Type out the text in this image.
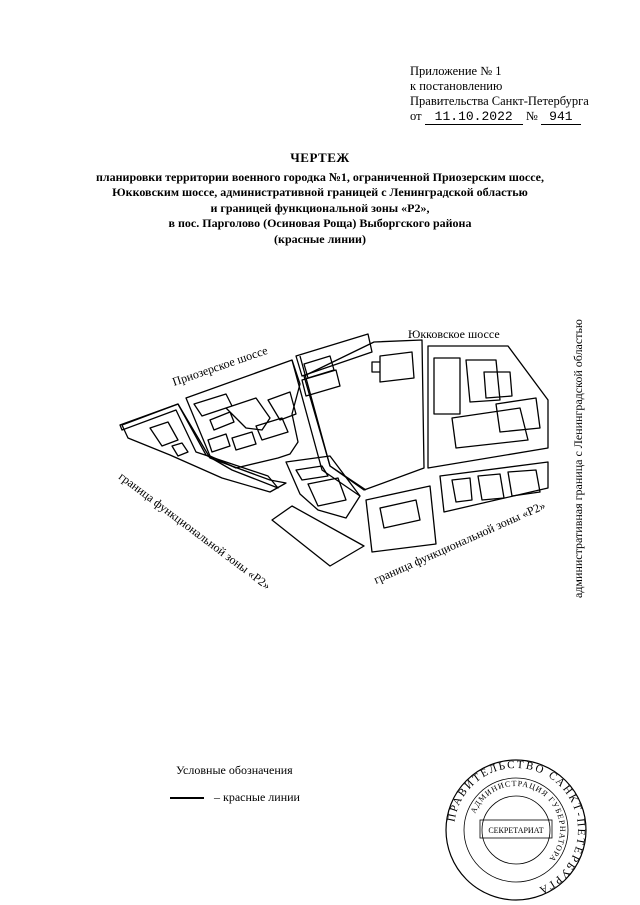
Приложение № 1
к постановлению
Правительства Санкт-Петербурга
от 11.10.2022 № 941
ЧЕРТЕЖ
планировки территории военного городка №1, ограниченной Приозерским шоссе,
Юкковским шоссе, административной границей с Ленинградской областью
и границей функциональной зоны «Р2»,
в пос. Парголово (Осиновая Роща) Выборгского района
(красные линии)
Приозерское шоссе
Юкковское шоссе
граница функциональной зоны «Р2»	граница функциональной зоны «Р2» административная граница с Ленинградской областью
ПРАВИТЕЛЬСТВО САНКТ-ПЕТЕРБУРГА
АДМИНИСТРАЦИЯ ГУБЕРНАТОРА
СЕКРЕТАРИАТ
Условные обозначения
– красные линии
